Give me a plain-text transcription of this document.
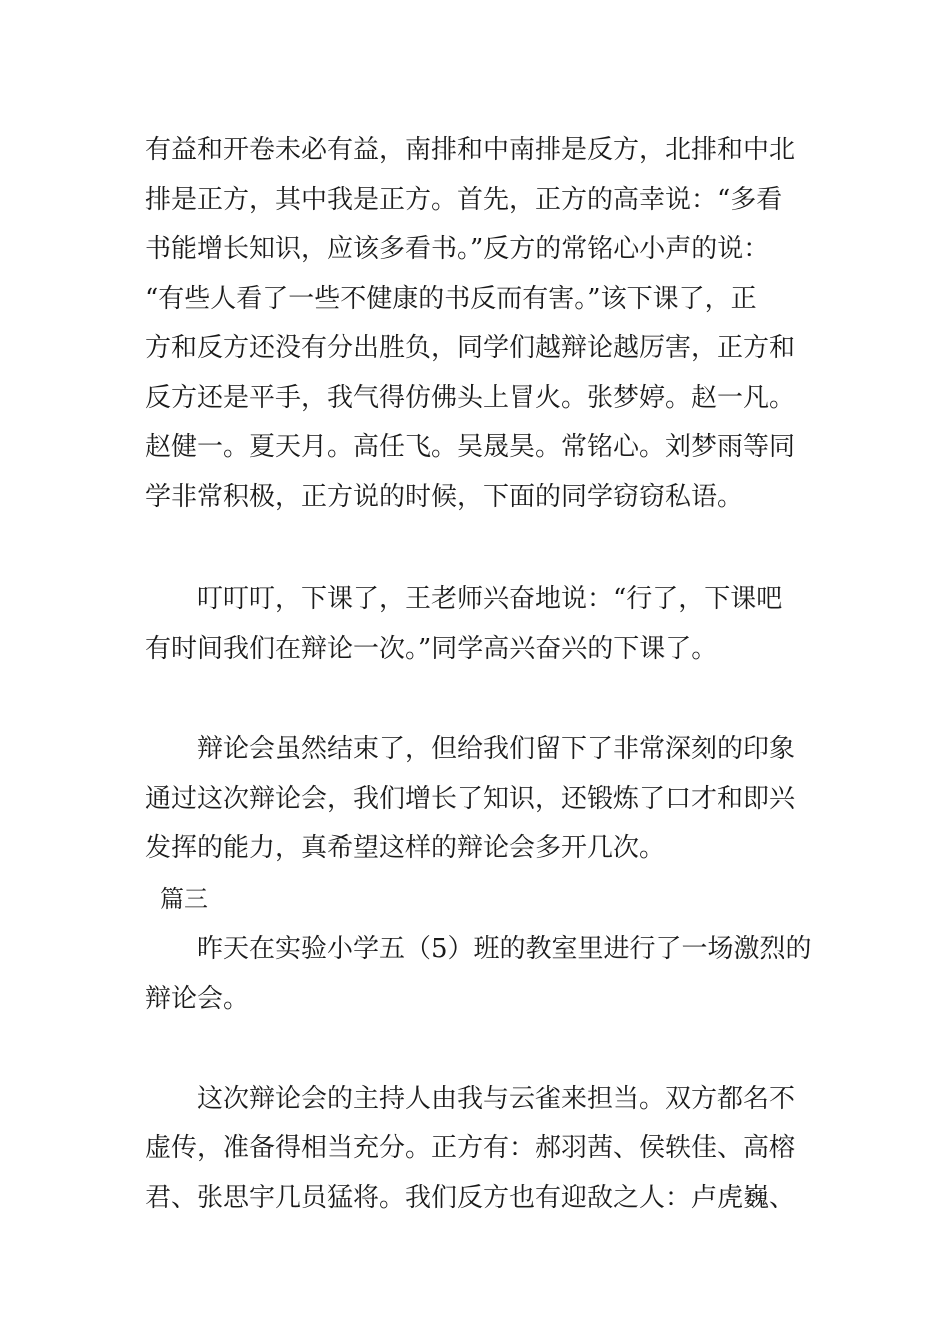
有益和开卷未必有益，南排和中南排是反方，北排和中北
排是正方，其中我是正方。首先，正方的高幸说：“多看
书能增长知识，应该多看书。”反方的常铭心小声的说：
“有些人看了一些不健康的书反而有害。”该下课了，正
方和反方还没有分出胜负，同学们越辩论越厉害，正方和
反方还是平手，我气得仿佛头上冒火。张梦婷。赵一凡。
赵健一。夏天月。高任飞。吴晟昊。常铭心。刘梦雨等同
学非常积极，正方说的时候，下面的同学窃窃私语。
叮叮叮，下课了，王老师兴奋地说：“行了，下课吧
有时间我们在辩论一次。”同学高兴奋兴的下课了。
辩论会虽然结束了，但给我们留下了非常深刻的印象
通过这次辩论会，我们增长了知识，还锻炼了口才和即兴
发挥的能力，真希望这样的辩论会多开几次。
篇三
昨天在实验小学五（5）班的教室里进行了一场激烈的
辩论会。
这次辩论会的主持人由我与云雀来担当。双方都名不
虚传，准备得相当充分。正方有：郝羽茜、侯轶佳、高榕
君、张思宇几员猛将。我们反方也有迎敌之人：卢虎巍、
